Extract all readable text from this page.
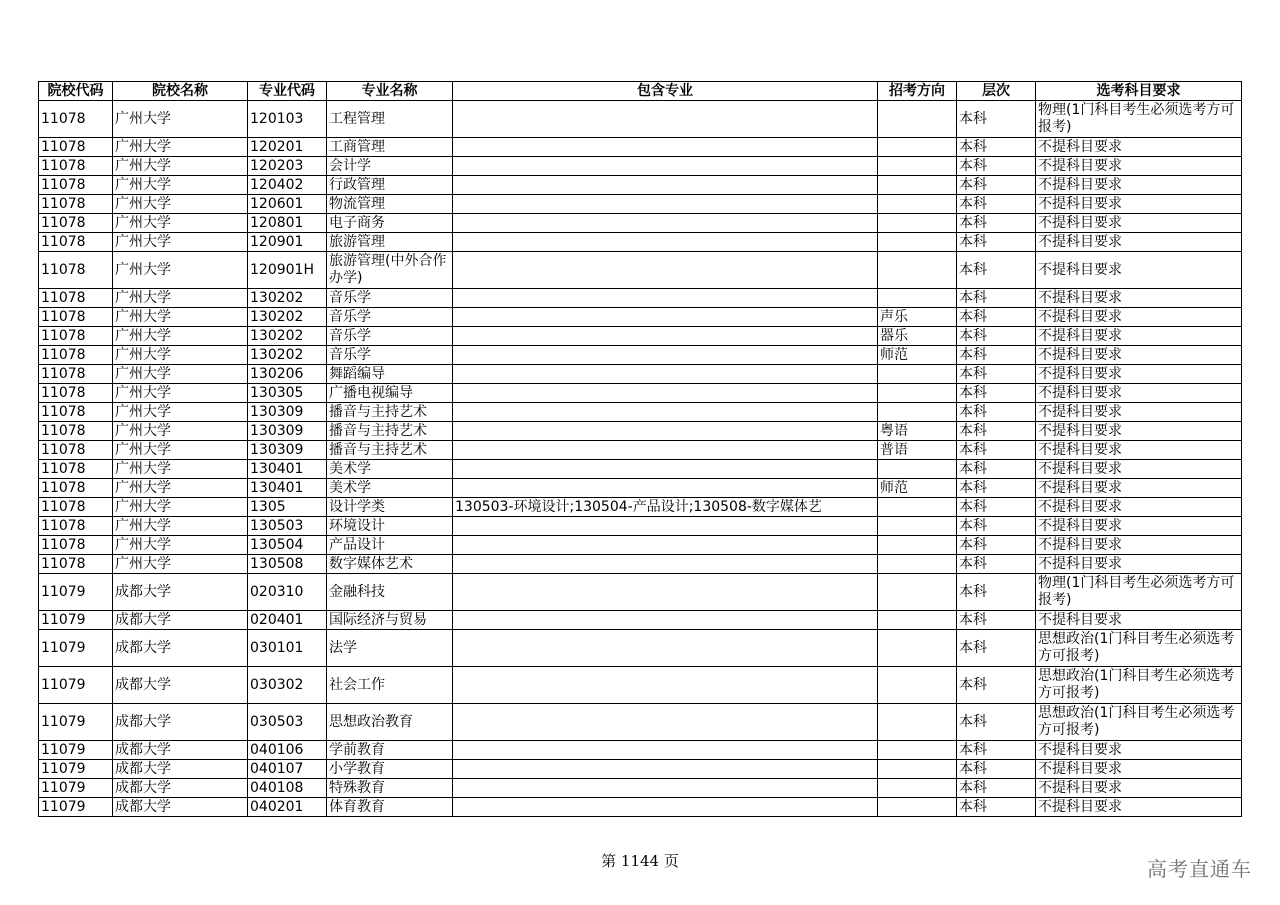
院校代码	院校名称	专业代码	专业名称	包含专业	招考方向	层次	选考科目要求
11078	广州大学	120103	工程管理			本科	物理(1门科目考生必须选考方可报考)
11078	广州大学	120201	工商管理			本科	不提科目要求
11078	广州大学	120203	会计学			本科	不提科目要求
11078	广州大学	120402	行政管理			本科	不提科目要求
11078	广州大学	120601	物流管理			本科	不提科目要求
11078	广州大学	120801	电子商务			本科	不提科目要求
11078	广州大学	120901	旅游管理			本科	不提科目要求
11078	广州大学	120901H	旅游管理(中外合作办学)			本科	不提科目要求
11078	广州大学	130202	音乐学			本科	不提科目要求
11078	广州大学	130202	音乐学		声乐	本科	不提科目要求
11078	广州大学	130202	音乐学		器乐	本科	不提科目要求
11078	广州大学	130202	音乐学		师范	本科	不提科目要求
11078	广州大学	130206	舞蹈编导			本科	不提科目要求
11078	广州大学	130305	广播电视编导			本科	不提科目要求
11078	广州大学	130309	播音与主持艺术			本科	不提科目要求
11078	广州大学	130309	播音与主持艺术		粤语	本科	不提科目要求
11078	广州大学	130309	播音与主持艺术		普语	本科	不提科目要求
11078	广州大学	130401	美术学			本科	不提科目要求
11078	广州大学	130401	美术学		师范	本科	不提科目要求
11078	广州大学	1305	设计学类	130503-环境设计;130504-产品设计;130508-数字媒体艺		本科	不提科目要求
11078	广州大学	130503	环境设计			本科	不提科目要求
11078	广州大学	130504	产品设计			本科	不提科目要求
11078	广州大学	130508	数字媒体艺术			本科	不提科目要求
11079	成都大学	020310	金融科技			本科	物理(1门科目考生必须选考方可报考)
11079	成都大学	020401	国际经济与贸易			本科	不提科目要求
11079	成都大学	030101	法学			本科	思想政治(1门科目考生必须选考方可报考)
11079	成都大学	030302	社会工作			本科	思想政治(1门科目考生必须选考方可报考)
11079	成都大学	030503	思想政治教育			本科	思想政治(1门科目考生必须选考方可报考)
11079	成都大学	040106	学前教育			本科	不提科目要求
11079	成都大学	040107	小学教育			本科	不提科目要求
11079	成都大学	040108	特殊教育			本科	不提科目要求
11079	成都大学	040201	体育教育			本科	不提科目要求
第 1144 页	高考直通车
